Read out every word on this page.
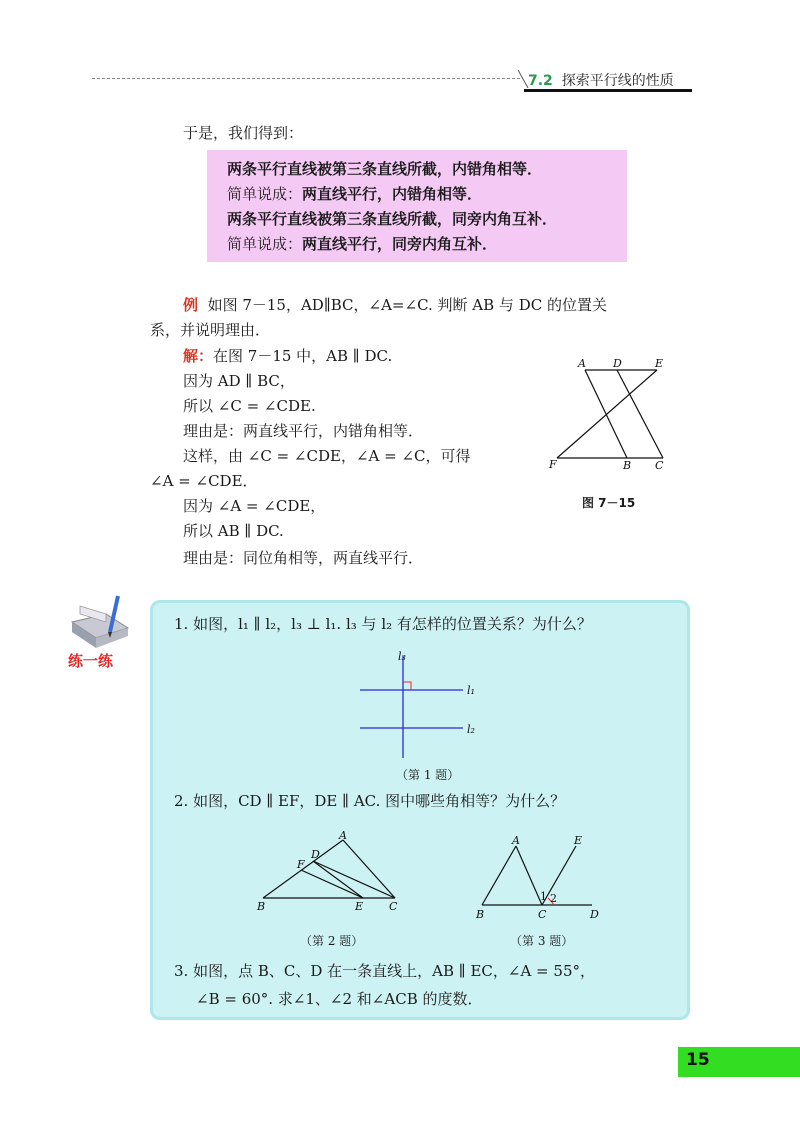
7.2 探索平行线的性质
于是，我们得到：
两条平行直线被第三条直线所截，内错角相等．
简单说成：两直线平行，内错角相等．
两条平行直线被第三条直线所截，同旁内角互补．
简单说成：两直线平行，同旁内角互补．
例 如图 7－15，AD∥BC，∠A=∠C. 判断 AB 与 DC 的位置关
系，并说明理由．
解：在图 7－15 中，AB ∥ DC.
因为 AD ∥ BC，
所以 ∠C = ∠CDE.
理由是：两直线平行，内错角相等．
这样，由 ∠C = ∠CDE，∠A = ∠C，可得
∠A = ∠CDE．
因为 ∠A = ∠CDE，
所以 AB ∥ DC.
理由是：同位角相等，两直线平行．
A D	E
F	B C
图 7－15
练一练
1. 如图，l₁ ∥ l₂，l₃ ⊥ l₁. l₃ 与 l₂ 有怎样的位置关系？为什么？
l₃
l₁
l₂
（第 1 题）
2. 如图，CD ∥ EF，DE ∥ AC. 图中哪些角相等？为什么？
A
D
F
B	E C
（第 2 题）
A	E
1 2
B	C	D
（第 3 题）
3. 如图，点 B、C、D 在一条直线上，AB ∥ EC，∠A = 55°，
∠B = 60°. 求∠1、∠2 和∠ACB 的度数．
15
